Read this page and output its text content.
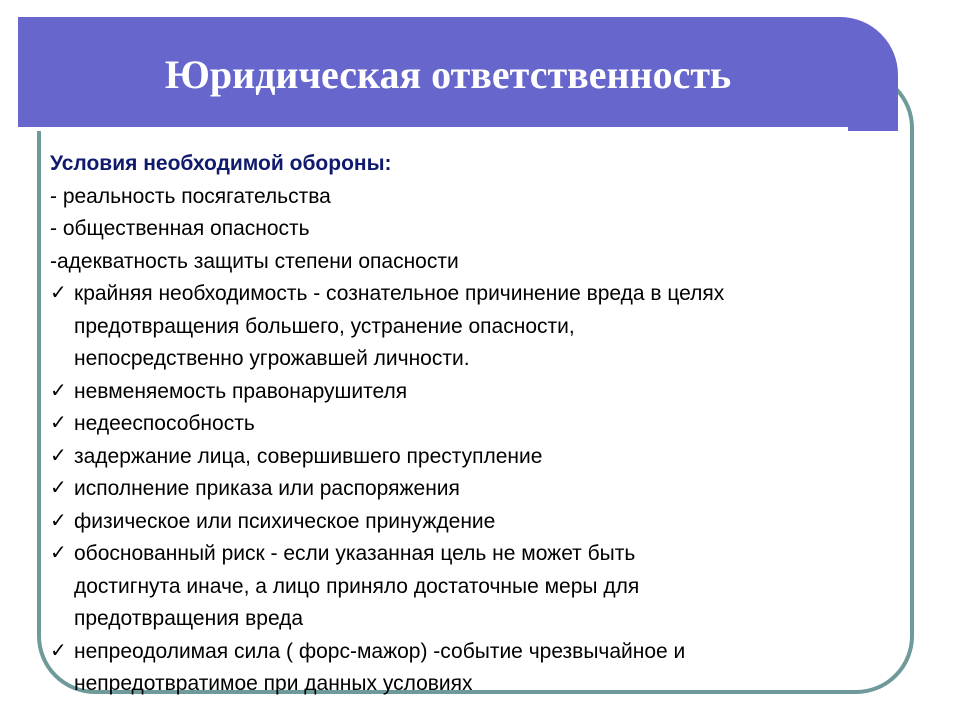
Юридическая ответственность
Условия необходимой обороны:
- реальность посягательства
- общественная опасность
-адекватность защиты степени опасности
✓ крайняя необходимость - сознательное причинение вреда в целях
предотвращения большего, устранение опасности,
непосредственно угрожавшей личности.
✓ невменяемость правонарушителя
✓ недееспособность
✓ задержание лица, совершившего преступление
✓ исполнение приказа или распоряжения
✓ физическое или психическое принуждение
✓ обоснованный риск - если указанная цель не может быть
достигнута иначе, а лицо приняло достаточные меры для
предотвращения вреда
✓ непреодолимая сила ( форс-мажор) -событие чрезвычайное и
непредотвратимое при данных условиях
